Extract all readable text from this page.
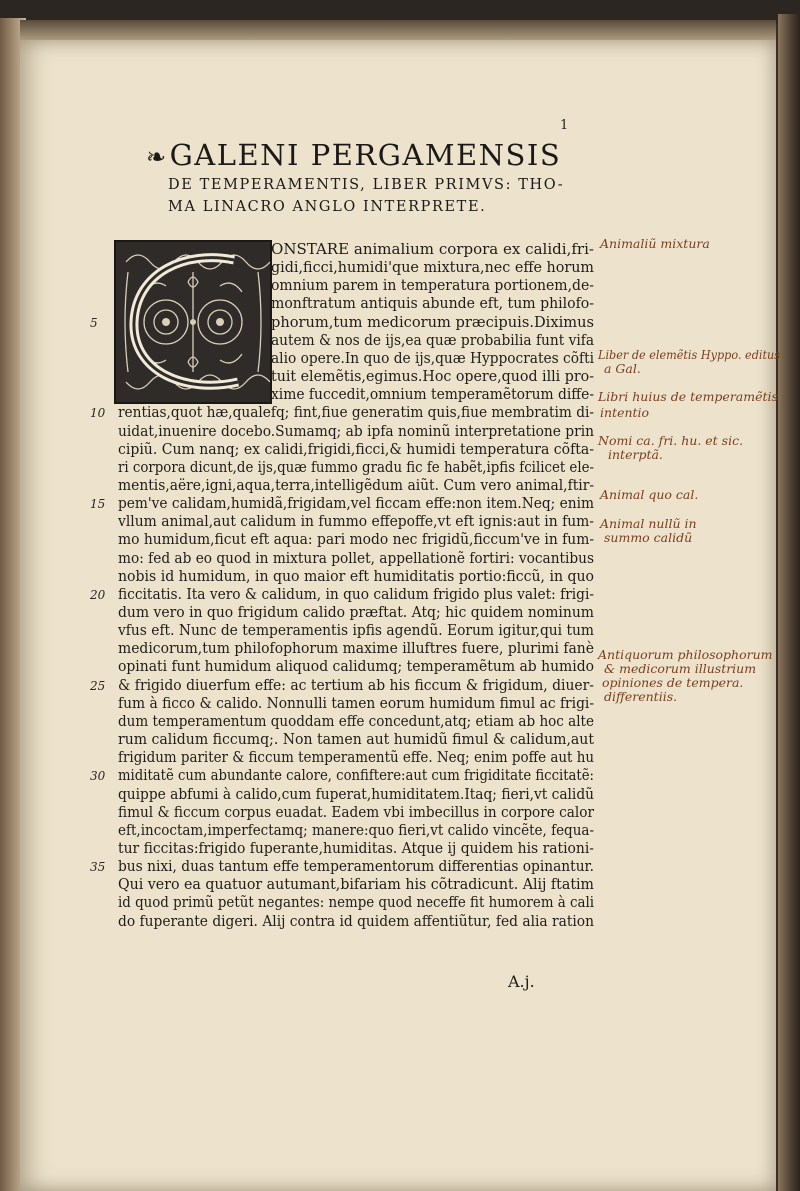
1
❧GALENI PERGAMENSIS
DE TEMPERAMENTIS, LIBER PRIMVS: THO-
MA LINACRO ANGLO INTERPRETE.
ONSTARE animalium corpora ex calidi,fri-
gidi,ficci,humidi'que mixtura,nec effe horum
omnium parem in temperatura portionem,de-
monftratum antiquis abunde eft, tum philofo-
phorum,tum medicorum præcipuis.Diximus
autem & nos de ijs,ea quæ probabilia funt vifa
alio opere.In quo de ijs,quæ Hyppocrates cõfti
tuit elemẽtis,egimus.Hoc opere,quod illi pro-
xime fuccedit,omnium temperamẽtorum diffe-
rentias,quot hæ,qualefq; fint,fiue generatim quis,fiue membratim di-
uidat,inuenire docebo.Sumamq; ab ipfa nominũ interpretatione prin
cipiũ. Cum nanq; ex calidi,frigidi,ficci,& humidi temperatura cõfta-
ri corpora dicunt,de ijs,quæ fummo gradu fic fe habẽt,ipfis fcilicet ele-
mentis,aëre,igni,aqua,terra,intelligẽdum aiũt. Cum vero animal,ftir-
pem've calidam,humidã,frigidam,vel ficcam effe:non item.Neq; enim
vllum animal,aut calidum in fummo effepoffe,vt eft ignis:aut in fum-
mo humidum,ficut eft aqua: pari modo nec frigidũ,ficcum've in fum-
mo: fed ab eo quod in mixtura pollet, appellationẽ fortiri: vocantibus
nobis id humidum, in quo maior eft humiditatis portio:ficcũ, in quo
ficcitatis. Ita vero & calidum, in quo calidum frigido plus valet: frigi-
dum vero in quo frigidum calido præftat. Atq; hic quidem nominum
vfus eft. Nunc de temperamentis ipfis agendũ. Eorum igitur,qui tum
medicorum,tum philofophorum maxime illuftres fuere, plurimi fanè
opinati funt humidum aliquod calidumq; temperamẽtum ab humido
& frigido diuerfum effe: ac tertium ab his ficcum & frigidum, diuer-
fum à ficco & calido. Nonnulli tamen eorum humidum fimul ac frigi-
dum temperamentum quoddam effe concedunt,atq; etiam ab hoc alte
rum calidum ficcumq;. Non tamen aut humidũ fimul & calidum,aut
frigidum pariter & ficcum temperamentũ effe. Neq; enim poffe aut hu
miditatẽ cum abundante calore, confiftere:aut cum frigiditate ficcitatẽ:
quippe abfumi à calido,cum fuperat,humiditatem.Itaq; fieri,vt calidũ
fimul & ficcum corpus euadat. Eadem vbi imbecillus in corpore calor
eft,incoctam,imperfectamq; manere:quo fieri,vt calido vincẽte, fequa-
tur ficcitas:frigido fuperante,humiditas. Atque ij quidem his rationi-
bus nixi, duas tantum effe temperamentorum differentias opinantur.
Qui vero ea quatuor autumant,bifariam his cõtradicunt. Alij ftatim
id quod primũ petũt negantes: nempe quod neceffe fit humorem à cali
do fuperante digeri. Alij contra id quidem affentiũtur, fed alia ration
5
10
15
20
25
30
35
A.j.
Animaliũ mixtura
Liber de elemẽtis Hyppo. editus
a Gal.
Libri huius de temperamẽtis
intentio
Nomi ca. fri. hu. et sic.
interptã.
Animal quo cal.
Animal nullũ in
summo calidũ
Antiquorum philosophorum
& medicorum illustrium
opiniones de tempera.
differentiis.
